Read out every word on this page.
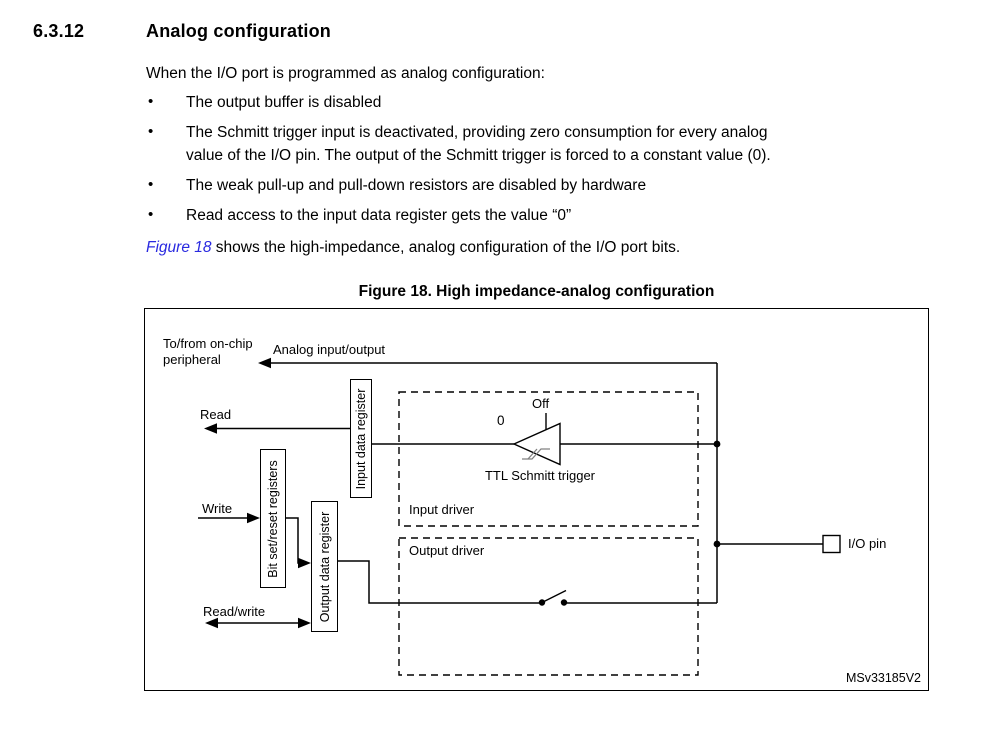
6.3.12	Analog configuration
When the I/O port is programmed as analog configuration:
• The output buffer is disabled
• The Schmitt trigger input is deactivated, providing zero consumption for every analog
value of the I/O pin. The output of the Schmitt trigger is forced to a constant value (0).
• The weak pull-up and pull-down resistors are disabled by hardware
• Read access to the input data register gets the value “0”
Figure 18 shows the high-impedance, analog configuration of the I/O port bits.
Figure 18. High impedance-analog configuration
Input data register
Bit set/reset registers	Output data register
To/from on-chip peripheral
Analog input/output
Read
Write
Read/write
Input driver
Output driver
Off
0
TTL Schmitt trigger
I/O pin
MSv33185V2
